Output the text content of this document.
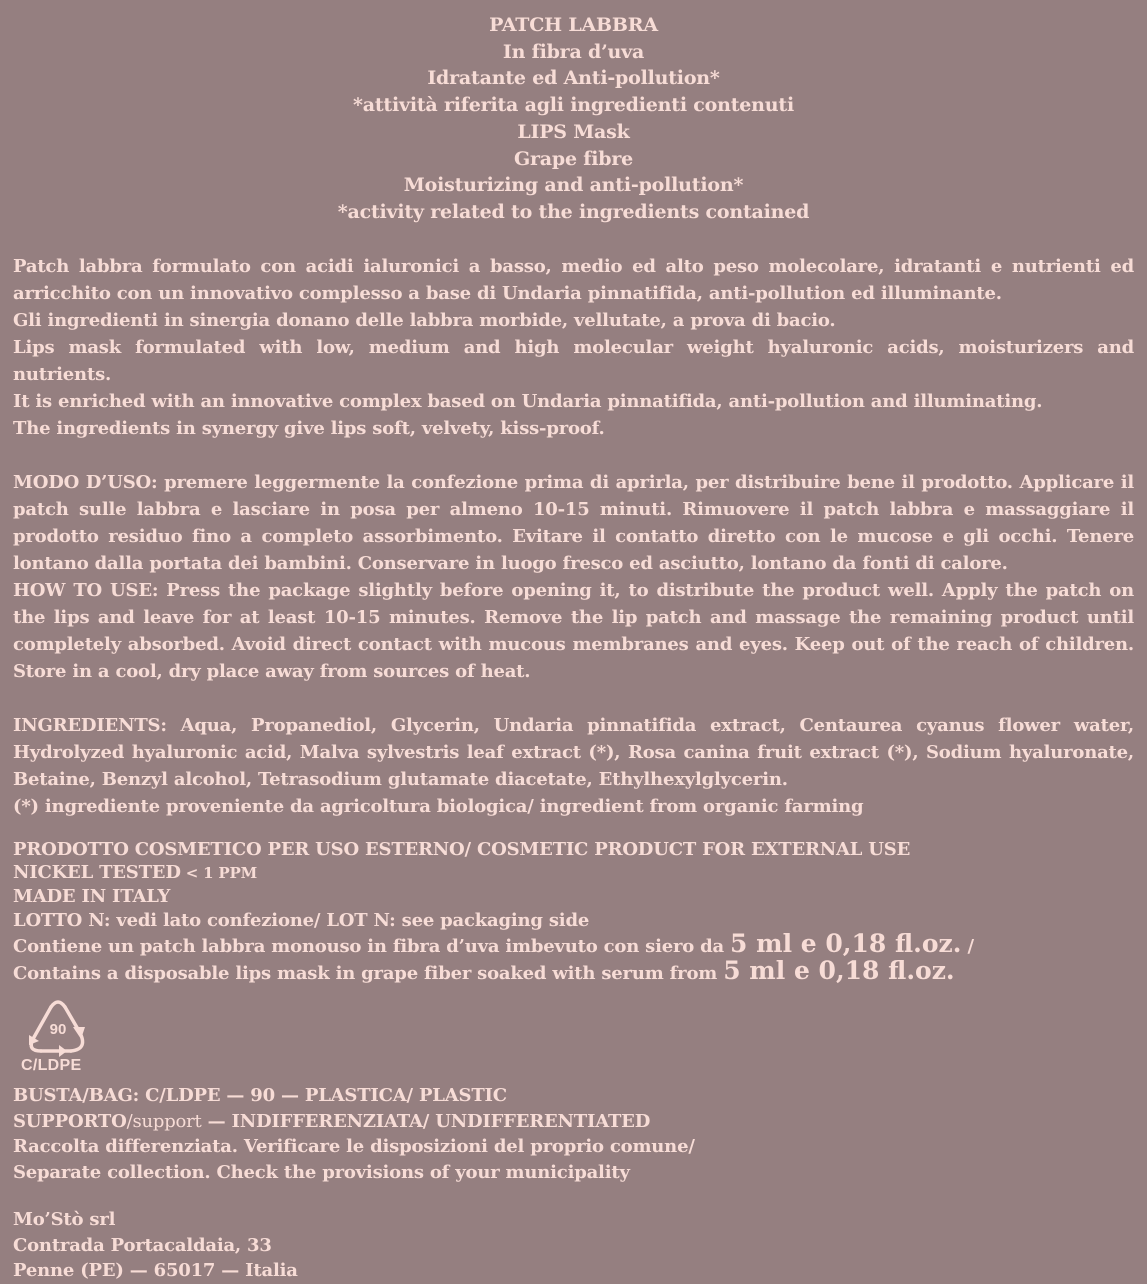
PATCH LABBRA
In fibra d’uva
Idratante ed Anti-pollution*
*attività riferita agli ingredienti contenuti
LIPS Mask
Grape fibre
Moisturizing and anti-pollution*
*activity related to the ingredients contained

Patch labbra formulato con acidi ialuronici a basso, medio ed alto peso molecolare, idratanti e nutrienti ed arricchito con un innovativo complesso a base di Undaria pinnatifida, anti-pollution ed illuminante.

Gli ingredienti in sinergia donano delle labbra morbide, vellutate, a prova di bacio.

Lips mask formulated with low, medium and high molecular weight hyaluronic acids, moisturizers and nutrients.

It is enriched with an innovative complex based on Undaria pinnatifida, anti-pollution and illuminating.

The ingredients in synergy give lips soft, velvety, kiss-proof.

MODO D’USO: premere leggermente la confezione prima di aprirla, per distribuire bene il prodotto. Applicare il patch sulle labbra e lasciare in posa per almeno 10-15 minuti. Rimuovere il patch labbra e massaggiare il prodotto residuo fino a completo assorbimento. Evitare il contatto diretto con le mucose e gli occhi. Tenere lontano dalla portata dei bambini. Conservare in luogo fresco ed asciutto, lontano da fonti di calore.

HOW TO USE: Press the package slightly before opening it, to distribute the product well. Apply the patch on the lips and leave for at least 10-15 minutes. Remove the lip patch and massage the remaining product until completely absorbed. Avoid direct contact with mucous membranes and eyes. Keep out of the reach of children. Store in a cool, dry place away from sources of heat.

INGREDIENTS: Aqua, Propanediol, Glycerin, Undaria pinnatifida extract, Centaurea cyanus flower water, Hydrolyzed hyaluronic acid, Malva sylvestris leaf extract (*), Rosa canina fruit extract (*), Sodium hyaluronate, Betaine, Benzyl alcohol, Tetrasodium glutamate diacetate, Ethylhexylglycerin.

(*) ingrediente proveniente da agricoltura biologica/ ingredient from organic farming

PRODOTTO COSMETICO PER USO ESTERNO/ COSMETIC PRODUCT FOR EXTERNAL USE

NICKEL TESTED < 1 PPM

MADE IN ITALY

LOTTO N: vedi lato confezione/ LOT N: see packaging side

Contiene un patch labbra monouso in fibra d’uva imbevuto con siero da 5 ml e 0,18 fl.oz. /

Contains a disposable lips mask in grape fiber soaked with serum from 5 ml e 0,18 fl.oz.

90
C/LDPE

BUSTA/BAG: C/LDPE — 90 — PLASTICA/ PLASTIC

SUPPORTO/support — INDIFFERENZIATA/ UNDIFFERENTIATED

Raccolta differenziata. Verificare le disposizioni del proprio comune/

Separate collection. Check the provisions of your municipality

Mo’Stò srl

Contrada Portacaldaia, 33

Penne (PE) — 65017 — Italia
